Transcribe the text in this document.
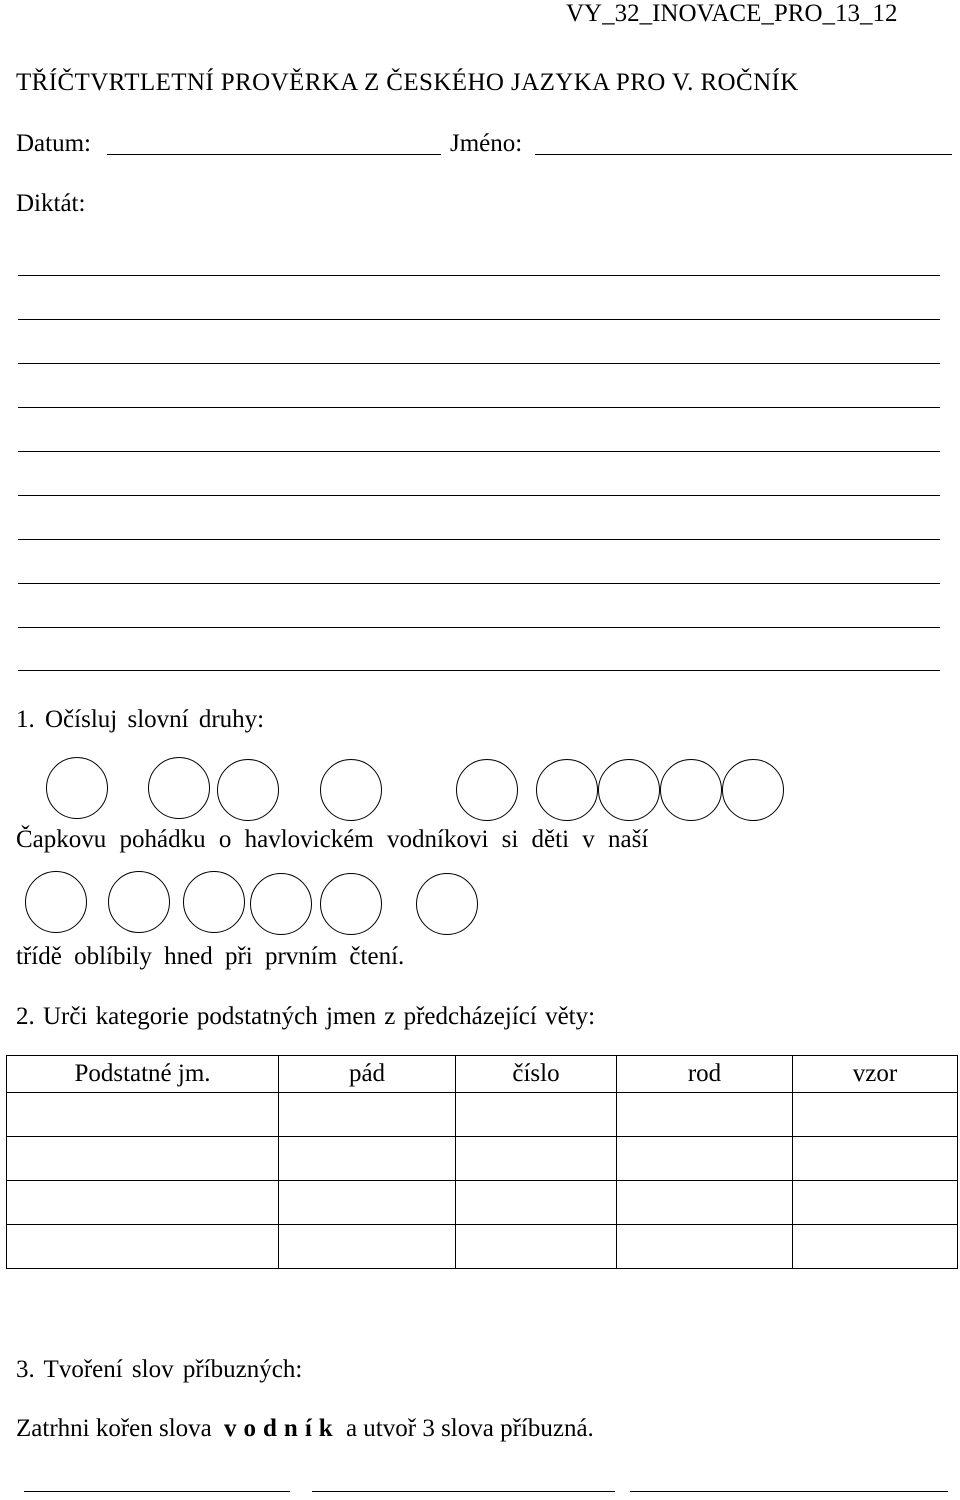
VY_32_INOVACE_PRO_13_12
TŘÍČTVRTLETNÍ PROVĚRKA Z ČESKÉHO JAZYKA PRO V. ROČNÍK
Datum:	Jméno:
Diktát:
1. Očísluj slovní druhy:
Čapkovu pohádku o havlovickém vodníkovi si děti v naší
třídě oblíbily hned při prvním čtení.
2. Urči kategorie podstatných jmen z předcházející věty:
Podstatné jm.	pád	číslo	rod	vzor

3. Tvoření slov příbuzných:
Zatrhni kořen slova vodník a utvoř 3 slova příbuzná.
